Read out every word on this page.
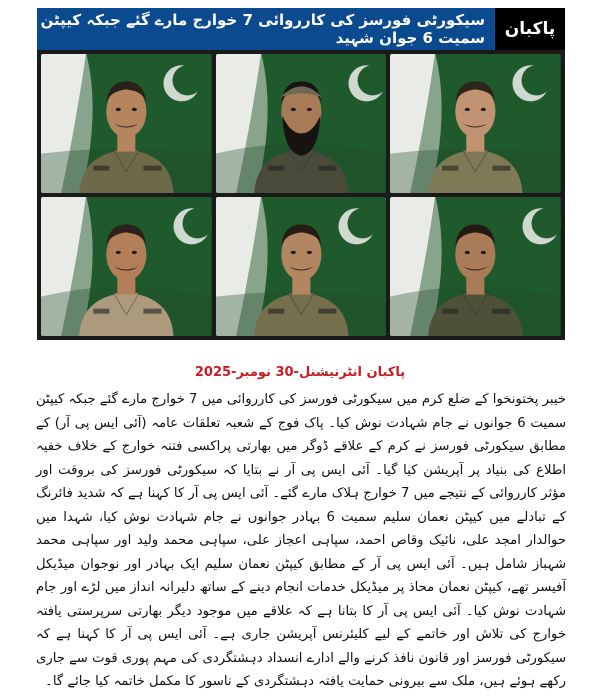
سیکورٹی فورسز کی کارروائی 7 خوارج مارے گئے جبکہ کیپٹن سمیت 6 جوان شہید	پاکبان
پاکبان انٹرنیشنل-30 نومبر-2025

خیبر پختونخوا کے ضلع کرم میں سیکورٹی فورسز کی کارروائی میں 7 خوارج مارے گئے جبکہ کیپٹن سمیت 6 جوانوں نے جام شہادت نوش کیا۔ پاک فوج کے شعبہ تعلقات عامہ (آئی ایس پی آر) کے مطابق سیکورٹی فورسز نے کرم کے علاقے ڈوگر میں بھارتی پراکسی فتنہ خوارج کے خلاف خفیہ اطلاع کی بنیاد پر آپریشن کیا گیا۔ آئی ایس پی آر نے بتایا کہ سیکورٹی فورسز کی بروقت اور مؤثر کارروائی کے نتیجے میں 7 خوارج ہلاک مارے گئے۔ آئی ایس پی آر کا کہنا ہے کہ شدید فائرنگ کے تبادلے میں کیپٹن نعمان سلیم سمیت 6 بہادر جوانوں نے جام شہادت نوش کیا، شہدا میں حوالدار امجد علی، نائیک وقاص احمد، سپاہی اعجاز علی، سپاہی محمد ولید اور سپاہی محمد شہباز شامل ہیں۔ آئی ایس پی آر کے مطابق کیپٹن نعمان سلیم ایک بہادر اور نوجوان میڈیکل آفیسر تھے، کیپٹن نعمان محاذ پر میڈیکل خدمات انجام دینے کے ساتھ دلیرانہ انداز میں لڑے اور جام شہادت نوش کیا۔ آئی ایس پی آر کا بتانا ہے کہ علاقے میں موجود دیگر بھارتی سرپرستی یافتہ خوارج کی تلاش اور خاتمے کے لیے کلیئرنس آپریشن جاری ہے۔ آئی ایس پی آر کا کہنا ہے کہ سیکورٹی فورسز اور قانون نافذ کرنے والے ادارے انسداد دہشتگردی کی مہم پوری قوت سے جاری رکھے ہوئے ہیں، ملک سے بیرونی حمایت یافتہ دہشتگردی کے ناسور کا مکمل خاتمہ کیا جائے گا۔
